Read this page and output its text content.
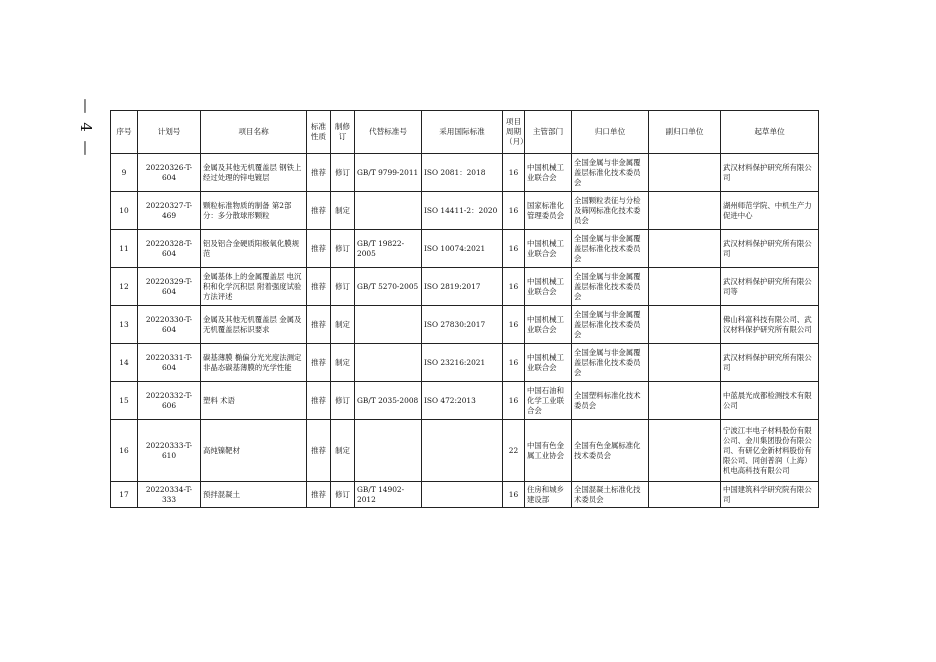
— 4 —	序号	计划号	项目名称	标准性质	制修订	代替标准号	采用国际标准	项目周期（月）	主管部门	归口单位	副归口单位	起草单位
9	20220326-T-604	金属及其他无机覆盖层 钢铁上经过处理的锌电镀层	推荐	修订	GB/T 9799-2011	ISO 2081：2018	16	中国机械工业联合会	全国金属与非金属覆盖层标准化技术委员会		武汉材料保护研究所有限公司
10	20220327-T-469	颗粒标准物质的制备 第2部分：多分散球形颗粒	推荐	制定		ISO 14411-2：2020	16	国家标准化管理委员会	全国颗粒表征与分检及筛网标准化技术委员会		湖州师范学院、中机生产力促进中心
11	20220328-T-604	铝及铝合金硬质阳极氧化膜规范	推荐	修订	GB/T 19822-2005	ISO 10074:2021	16	中国机械工业联合会	全国金属与非金属覆盖层标准化技术委员会		武汉材料保护研究所有限公司
12	20220329-T-604	金属基体上的金属覆盖层 电沉积和化学沉积层 附着强度试验方法评述	推荐	修订	GB/T 5270-2005	ISO 2819:2017	16	中国机械工业联合会	全国金属与非金属覆盖层标准化技术委员会		武汉材料保护研究所有限公司等
13	20220330-T-604	金属及其他无机覆盖层 金属及无机覆盖层标识要求	推荐	制定		ISO 27830:2017	16	中国机械工业联合会	全国金属与非金属覆盖层标准化技术委员会		佛山科富科技有限公司、武汉材料保护研究所有限公司
14	20220331-T-604	碳基薄膜 椭偏分光光度法测定非晶态碳基薄膜的光学性能	推荐	制定		ISO 23216:2021	16	中国机械工业联合会	全国金属与非金属覆盖层标准化技术委员会		武汉材料保护研究所有限公司
15	20220332-T-606	塑料 术语	推荐	修订	GB/T 2035-2008	ISO 472:2013	16	中国石油和化学工业联合会	全国塑料标准化技术委员会		中蓝晨光成都检测技术有限公司
16	20220333-T-610	高纯镍靶材	推荐	制定			22	中国有色金属工业协会	全国有色金属标准化技术委员会		宁波江丰电子材料股份有限公司、金川集团股份有限公司、有研亿金新材料股份有限公司、同创普润（上海）机电高科技有限公司
17	20220334-T-333	预拌混凝土	推荐	修订	GB/T 14902-2012		16	住房和城乡建设部	全国混凝土标准化技术委员会		中国建筑科学研究院有限公司
